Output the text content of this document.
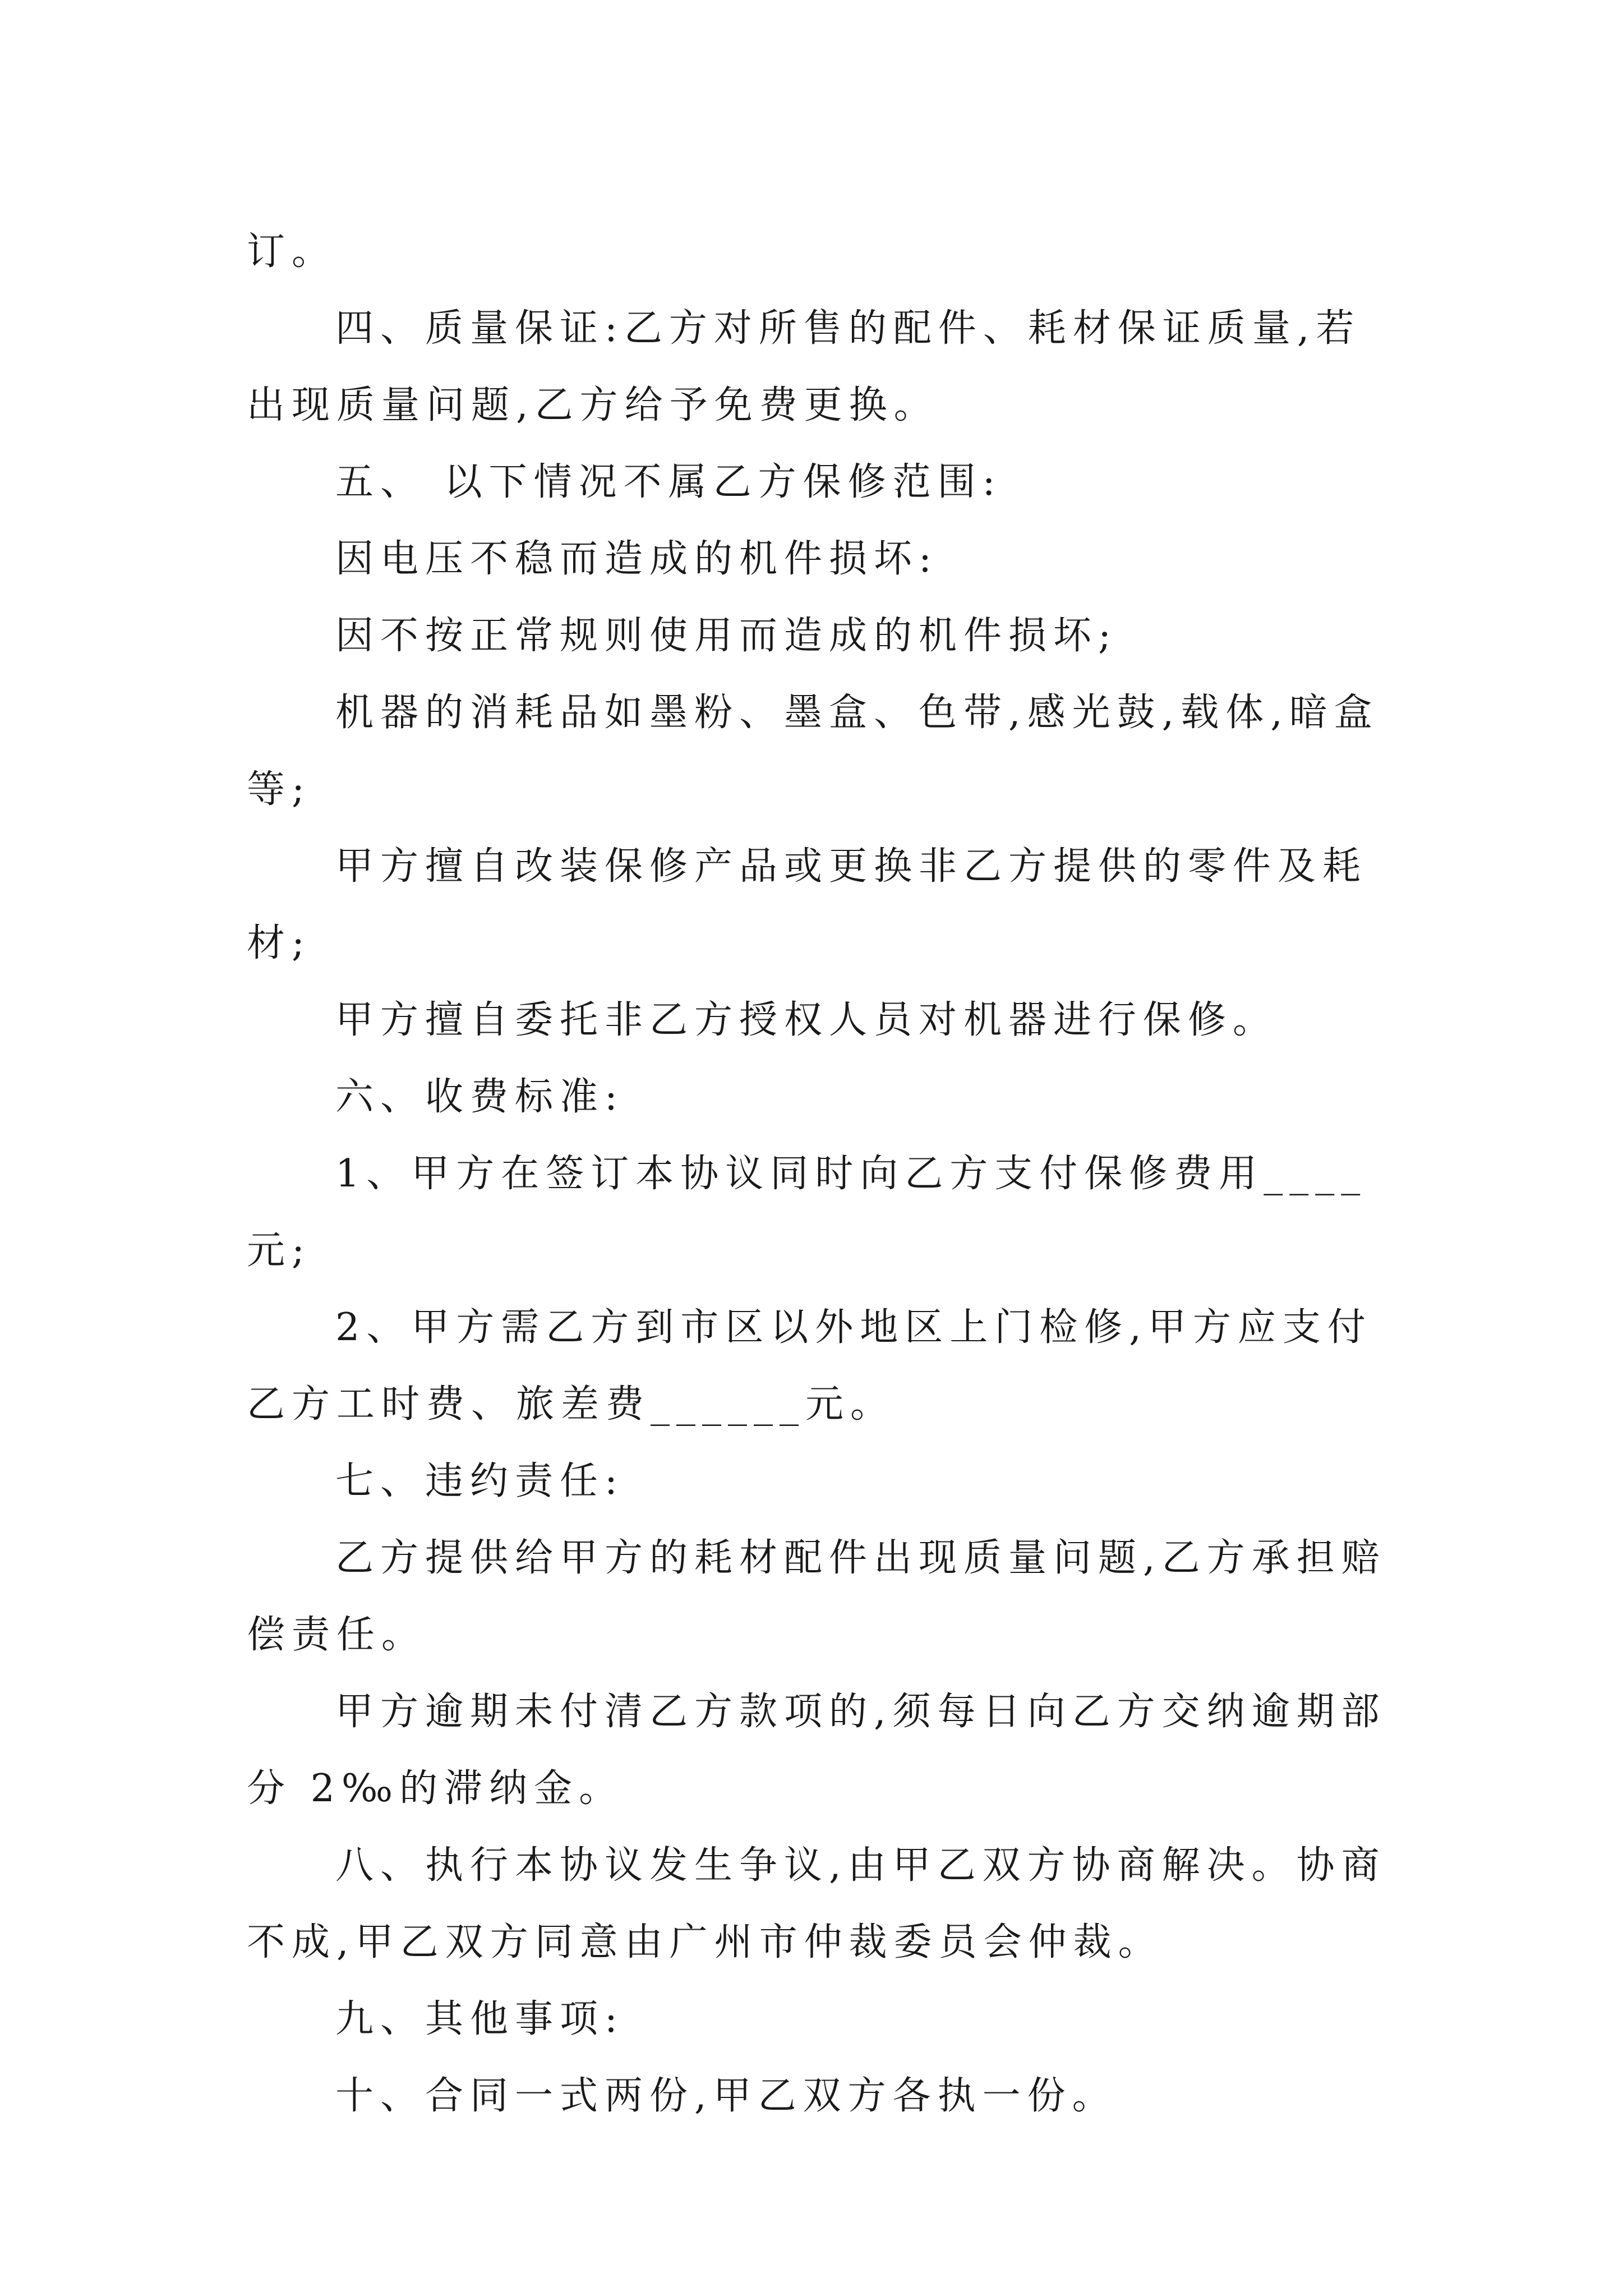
订。

四、质量保证:乙方对所售的配件、耗材保证质量,若出现质量问题,乙方给予免费更换。

五、 以下情况不属乙方保修范围:

因电压不稳而造成的机件损坏:

因不按正常规则使用而造成的机件损坏;

机器的消耗品如墨粉、墨盒、色带,感光鼓,载体,暗盒等;

甲方擅自改装保修产品或更换非乙方提供的零件及耗材;

甲方擅自委托非乙方授权人员对机器进行保修。

六、收费标准:

1、甲方在签订本协议同时向乙方支付保修费用____元;

2、甲方需乙方到市区以外地区上门检修,甲方应支付乙方工时费、旅差费______元。

七、违约责任:

乙方提供给甲方的耗材配件出现质量问题,乙方承担赔偿责任。

甲方逾期未付清乙方款项的,须每日向乙方交纳逾期部分 2‰的滞纳金。

八、执行本协议发生争议,由甲乙双方协商解决。协商不成,甲乙双方同意由广州市仲裁委员会仲裁。

九、其他事项:

十、合同一式两份,甲乙双方各执一份。
